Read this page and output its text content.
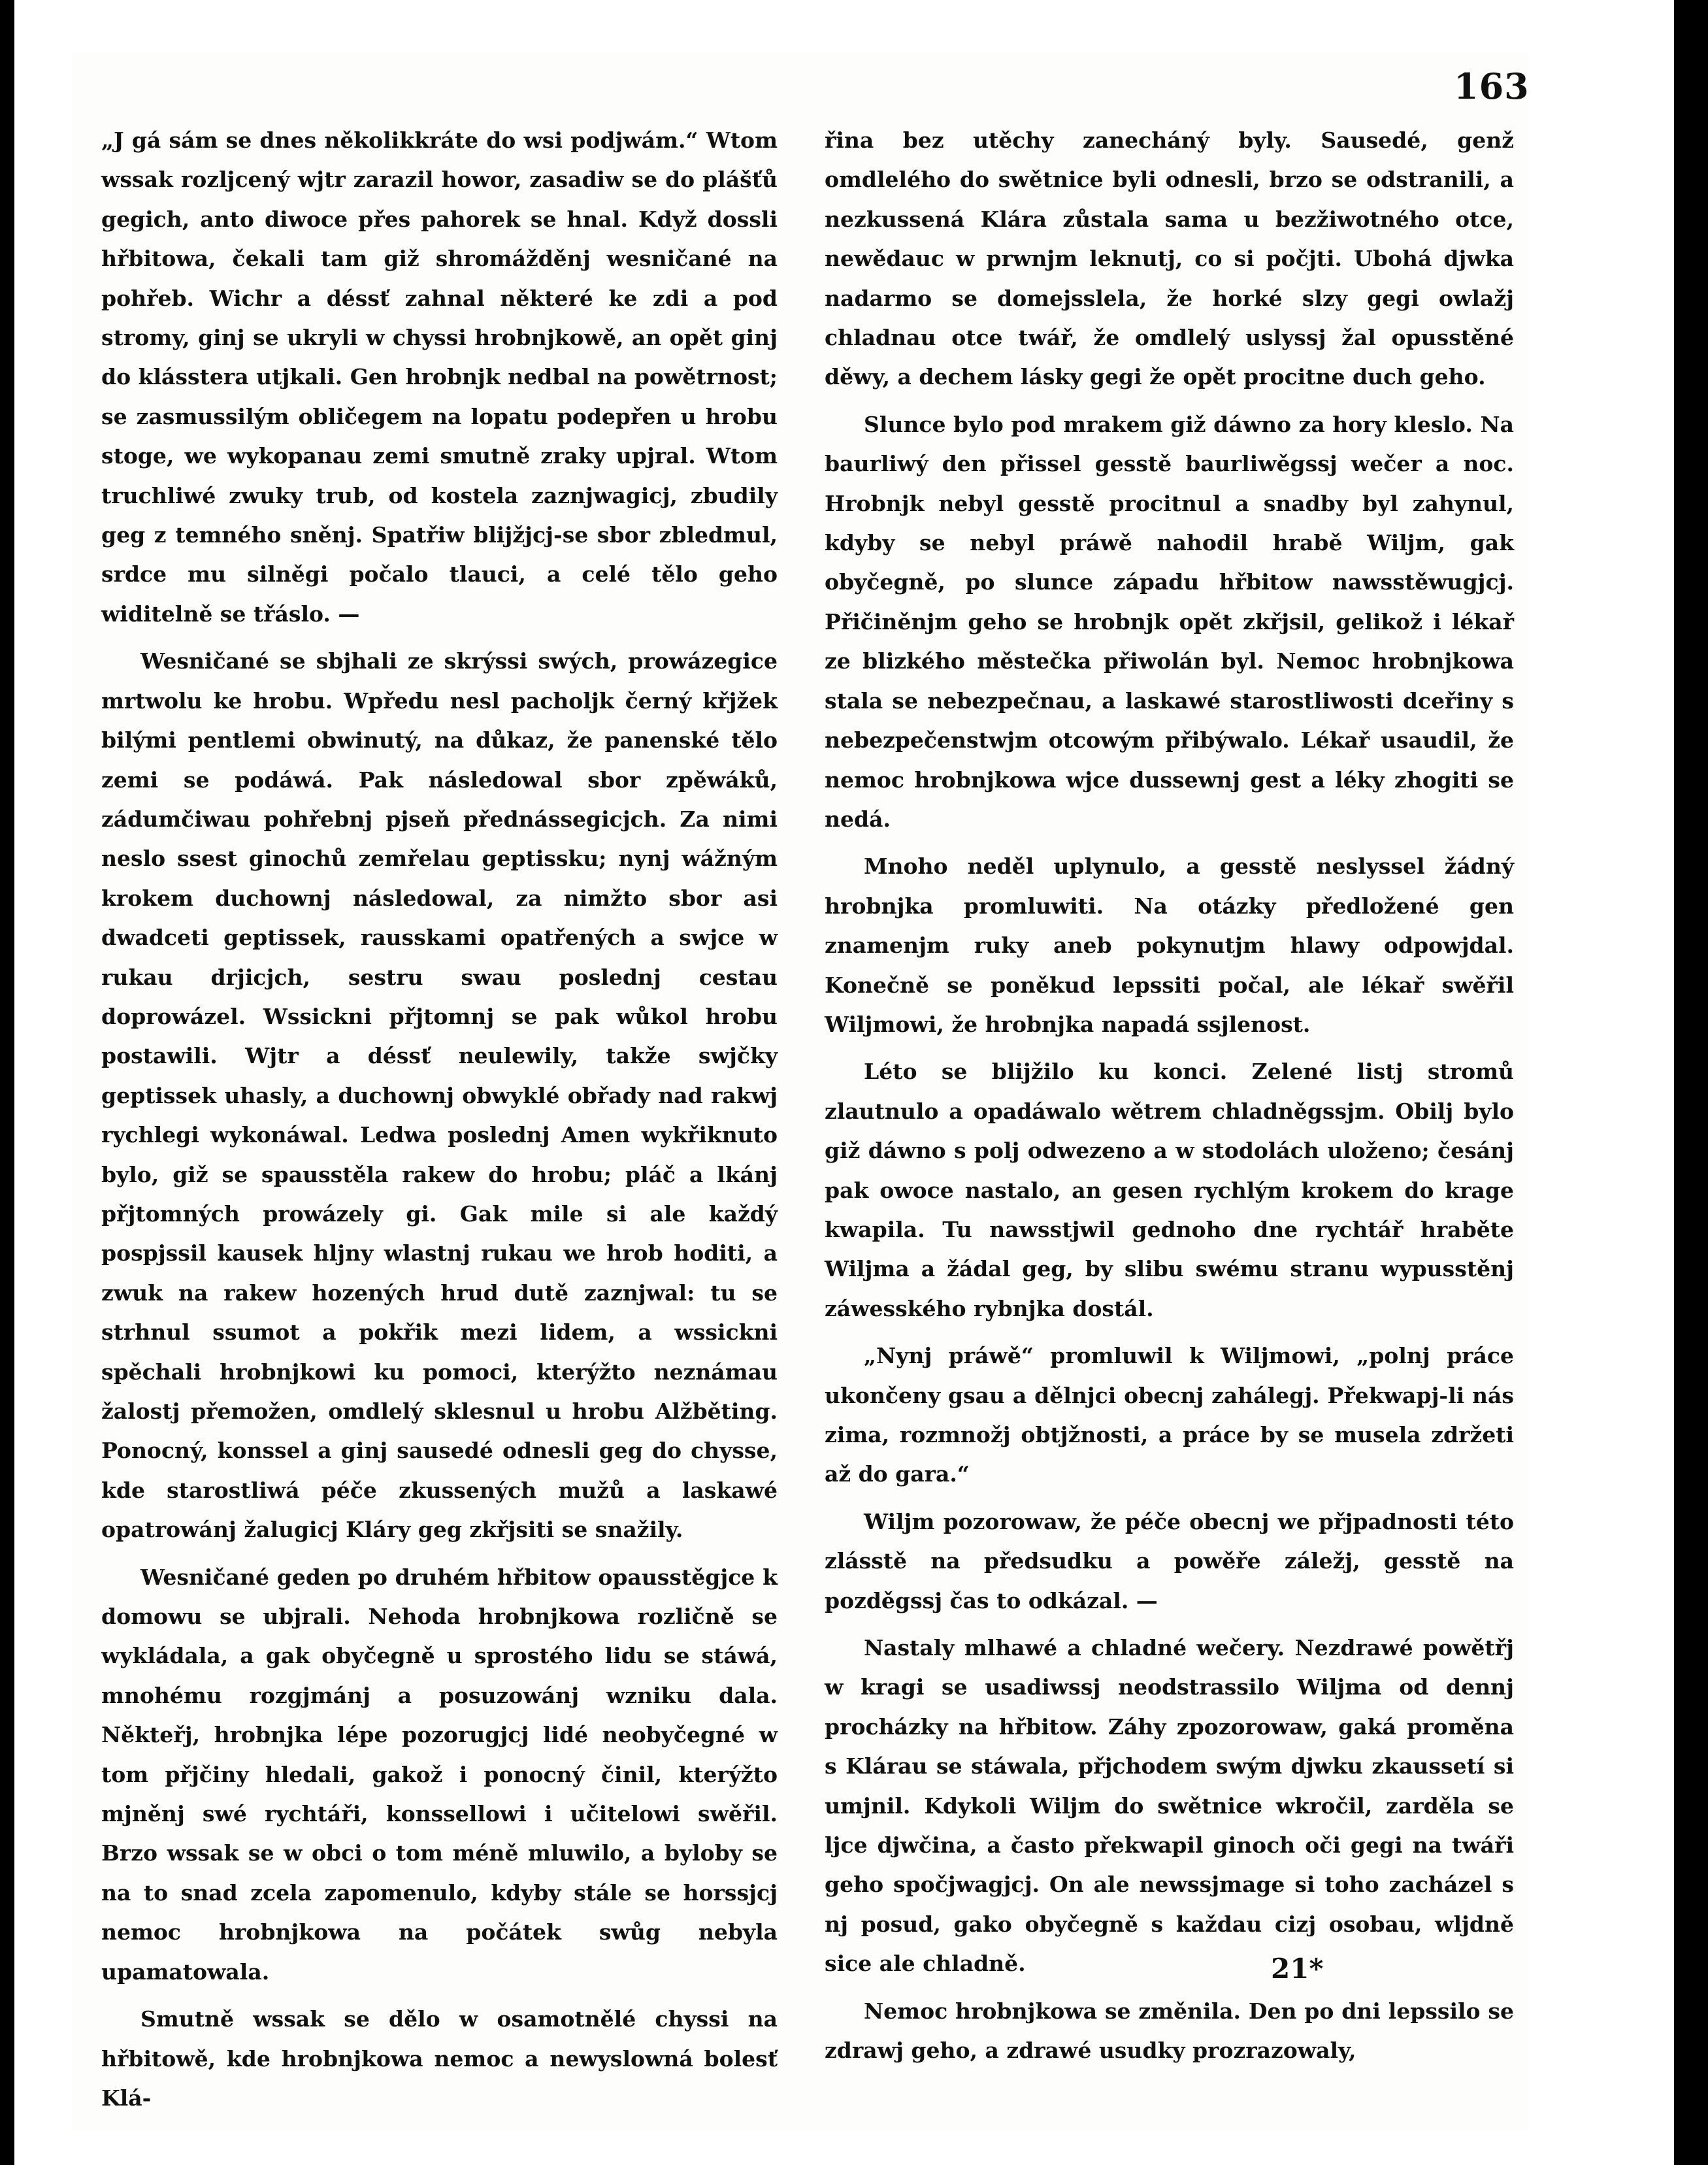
163

„J gá sám se dnes několikkráte do wsi podjwám.“ Wtom wssak rozljcený wjtr zarazil howor, zasadiw se do plášťů gegich, anto diwoce přes pahorek se hnal. Když dossli hřbitowa, čekali tam giž shromážděnj wesničané na pohřeb. Wichr a déssť zahnal některé ke zdi a pod stromy, ginj se ukryli w chyssi hrobnjkowě, an opět ginj do klásstera utjkali. Gen hrobnjk nedbal na powětrnost; se zasmussilým obličegem na lopatu podepřen u hrobu stoge, we wykopanau zemi smutně zraky upjral. Wtom truchliwé zwuky trub, od kostela zaznjwagicj, zbudily geg z temného sněnj. Spatřiw blijžjcj-se sbor zbledmul, srdce mu silněgi počalo tlauci, a celé tělo geho widitelně se třáslo. —

Wesničané se sbjhali ze skrýssi swých, prowázegice mrtwolu ke hrobu. Wpředu nesl pacholjk černý křjžek bilými pentlemi obwinutý, na důkaz, že panenské tělo zemi se podáwá. Pak následowal sbor zpěwáků, zádumčiwau pohřebnj pjseň přednássegicjch. Za nimi neslo ssest ginochů zemřelau geptissku; nynj wážným krokem duchownj následowal, za nimžto sbor asi dwadceti geptissek, rausskami opatřených a swjce w rukau drjicjch, sestru swau poslednj cestau doprowázel. Wssickni přjtomnj se pak wůkol hrobu postawili. Wjtr a déssť neulewily, takže swjčky geptissek uhasly, a duchownj obwyklé obřady nad rakwj rychlegi wykonáwal. Ledwa poslednj Amen wykřiknuto bylo, giž se spausstěla rakew do hrobu; pláč a lkánj přjtomných prowázely gi. Gak mile si ale každý pospjssil kausek hljny wlastnj rukau we hrob hoditi, a zwuk na rakew hozených hrud dutě zaznjwal: tu se strhnul ssumot a pokřik mezi lidem, a wssickni spěchali hrobnjkowi ku pomoci, kterýžto neznámau žalostj přemožen, omdlelý sklesnul u hrobu Alžběting. Ponocný, konssel a ginj sausedé odnesli geg do chysse, kde starostliwá péče zkussených mužů a laskawé opatrowánj žalugicj Kláry geg zkřjsiti se snažily.

Wesničané geden po druhém hřbitow opausstěgjce k domowu se ubjrali. Nehoda hrobnjkowa rozličně se wykládala, a gak obyčegně u sprostého lidu se stáwá, mnohému rozgjmánj a posuzowánj wzniku dala. Někteřj, hrobnjka lépe pozorugjcj lidé neobyčegné w tom přjčiny hledali, gakož i ponocný činil, kterýžto mjněnj swé rychtáři, konssellowi i učitelowi swěřil. Brzo wssak se w obci o tom méně mluwilo, a byloby se na to snad zcela zapomenulo, kdyby stále se horssjcj nemoc hrobnjkowa na počátek swůg nebyla upamatowala.

Smutně wssak se dělo w osamotnělé chyssi na hřbitowě, kde hrobnjkowa nemoc a newyslowná bolesť Klá-

řina bez utěchy zanecháný byly. Sausedé, genž omdlelého do swětnice byli odnesli, brzo se odstranili, a nezkussená Klára zůstala sama u bezžiwotného otce, newědauc w prwnjm leknutj, co si počjti. Ubohá djwka nadarmo se domejsslela, že horké slzy gegi owlažj chladnau otce twář, že omdlelý uslyssj žal opusstěné děwy, a dechem lásky gegi že opět procitne duch geho.

Slunce bylo pod mrakem giž dáwno za hory kleslo. Na baurliwý den přissel gesstě baurliwěgssj wečer a noc. Hrobnjk nebyl gesstě procitnul a snadby byl zahynul, kdyby se nebyl práwě nahodil hrabě Wiljm, gak obyčegně, po slunce západu hřbitow nawsstěwugjcj. Přičiněnjm geho se hrobnjk opět zkřjsil, gelikož i lékař ze blizkého městečka přiwolán byl. Nemoc hrobnjkowa stala se nebezpečnau, a laskawé starostliwosti dceřiny s nebezpečenstwjm otcowým přibýwalo. Lékař usaudil, že nemoc hrobnjkowa wjce dussewnj gest a léky zhogiti se nedá.

Mnoho neděl uplynulo, a gesstě neslyssel žádný hrobnjka promluwiti. Na otázky předložené gen znamenjm ruky aneb pokynutjm hlawy odpowjdal. Konečně se poněkud lepssiti počal, ale lékař swěřil Wiljmowi, že hrobnjka napadá ssjlenost.

Léto se blijžilo ku konci. Zelené listj stromů zlautnulo a opadáwalo wětrem chladněgssjm. Obilj bylo giž dáwno s polj odwezeno a w stodolách uloženo; česánj pak owoce nastalo, an gesen rychlým krokem do krage kwapila. Tu nawsstjwil gednoho dne rychtář hraběte Wiljma a žádal geg, by slibu swému stranu wypusstěnj záwesského rybnjka dostál.

„Nynj práwě“ promluwil k Wiljmowi, „polnj práce ukončeny gsau a dělnjci obecnj zahálegj. Překwapj-li nás zima, rozmnožj obtjžnosti, a práce by se musela zdržeti až do gara.“

Wiljm pozorowaw, že péče obecnj we přjpadnosti této zlásstě na předsudku a powěře záležj, gesstě na pozděgssj čas to odkázal. —

Nastaly mlhawé a chladné wečery. Nezdrawé powětřj w kragi se usadiwssj neodstrassilo Wiljma od dennj procházky na hřbitow. Záhy zpozorowaw, gaká proměna s Klárau se stáwala, přjchodem swým djwku zkaussetí si umjnil. Kdykoli Wiljm do swětnice wkročil, zarděla se ljce djwčina, a často překwapil ginoch oči gegi na twáři geho spočjwagjcj. On ale newssjmage si toho zacházel s nj posud, gako obyčegně s každau cizj osobau, wljdně sice ale chladně.

Nemoc hrobnjkowa se změnila. Den po dni lepssilo se zdrawj geho, a zdrawé usudky prozrazowaly,

21*
